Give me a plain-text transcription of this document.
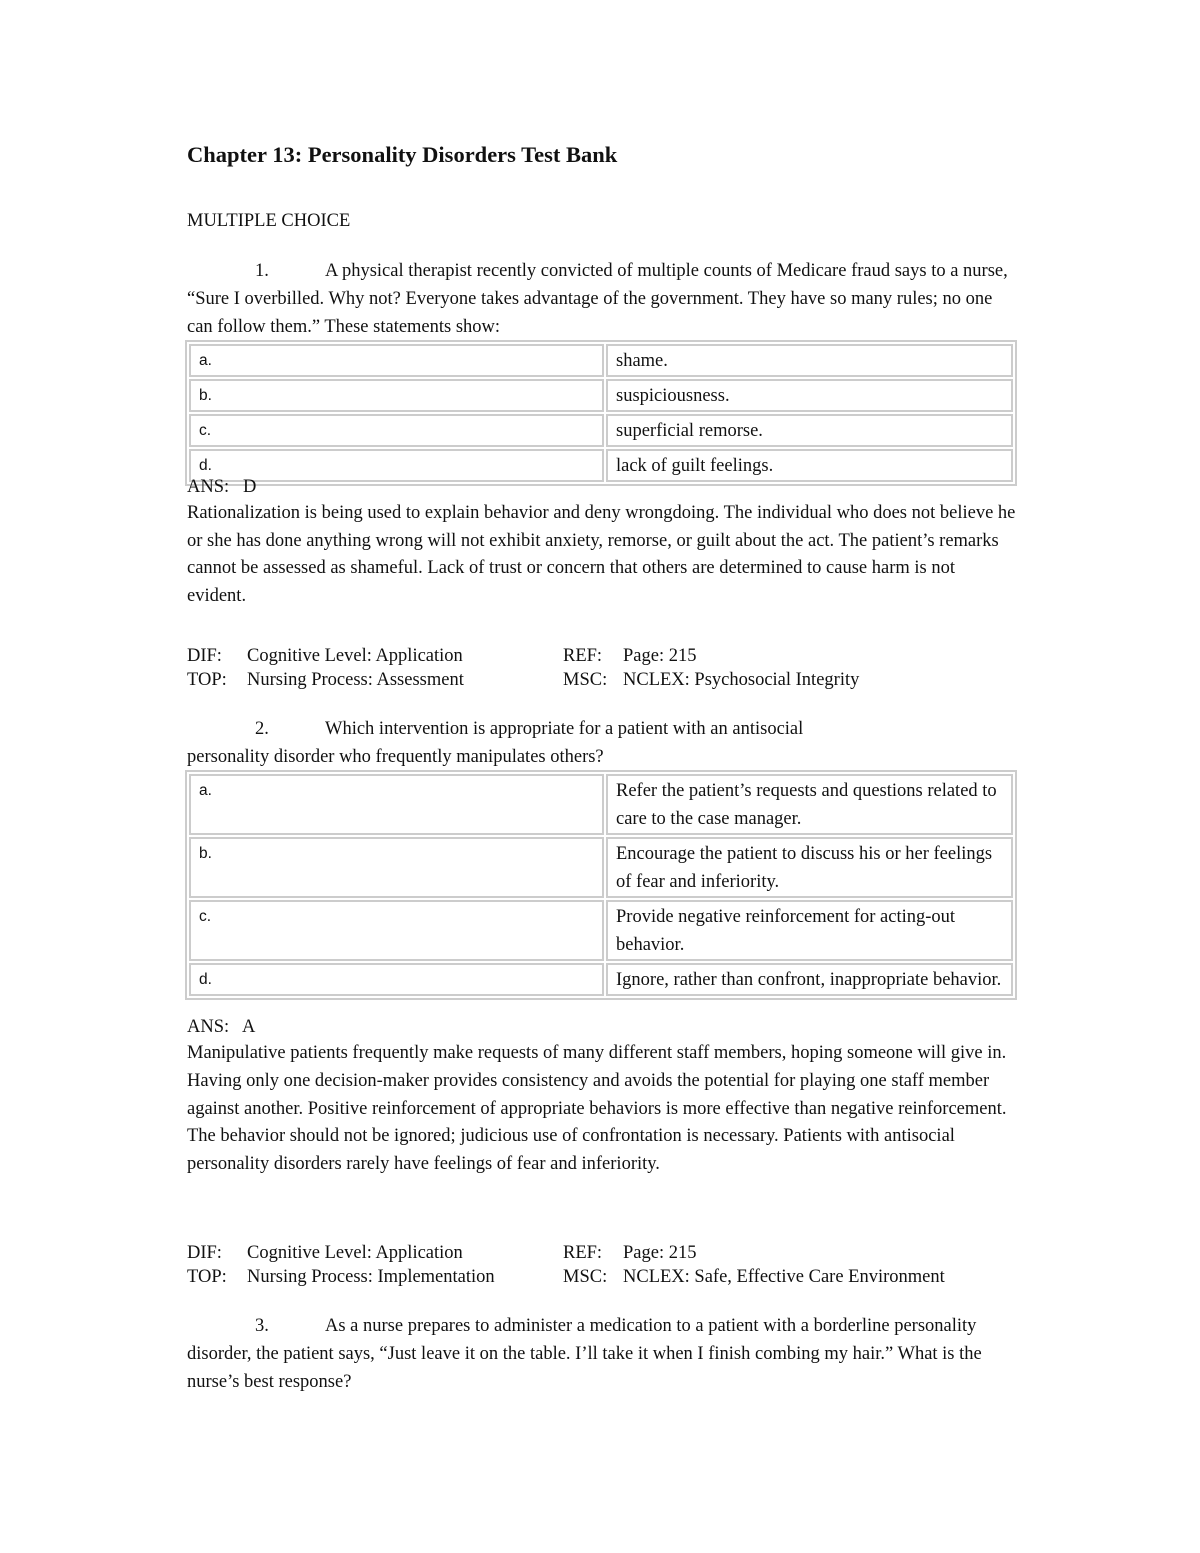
Chapter 13: Personality Disorders Test Bank
MULTIPLE CHOICE
1.	A physical therapist recently convicted of multiple counts of Medicare fraud says to a nurse, “Sure I overbilled. Why not? Everyone takes advantage of the government. They have so many rules; no one can follow them.” These statements show:
a.	shame.
b.	suspiciousness.
c.	superficial remorse.
d.	lack of guilt feelings.
ANS:   D
Rationalization is being used to explain behavior and deny wrongdoing. The individual who does not believe he or she has done anything wrong will not exhibit anxiety, remorse, or guilt about the act. The patient’s remarks cannot be assessed as shameful. Lack of trust or concern that others are determined to cause harm is not evident.
DIF: Cognitive Level: Application	REF: Page: 215
TOP: Nursing Process: Assessment	MSC: NCLEX: Psychosocial Integrity
2.	Which intervention is appropriate for a patient with an antisocial
personality disorder who frequently manipulates others?
a.	Refer the patient’s requests and questions related to care to the case manager.
b.	Encourage the patient to discuss his or her feelings of fear and inferiority.
c.	Provide negative reinforcement for acting-out behavior.
d.	Ignore, rather than confront, inappropriate behavior.
ANS:   A
Manipulative patients frequently make requests of many different staff members, hoping someone will give in. Having only one decision-maker provides consistency and avoids the potential for playing one staff member against another. Positive reinforcement of appropriate behaviors is more effective than negative reinforcement. The behavior should not be ignored; judicious use of confrontation is necessary. Patients with antisocial personality disorders rarely have feelings of fear and inferiority.
DIF: Cognitive Level: Application	REF: Page: 215
TOP: Nursing Process: Implementation	MSC: NCLEX: Safe, Effective Care Environment
3.	As a nurse prepares to administer a medication to a patient with a borderline personality disorder, the patient says, “Just leave it on the table. I’ll take it when I finish combing my hair.” What is the nurse’s best response?
